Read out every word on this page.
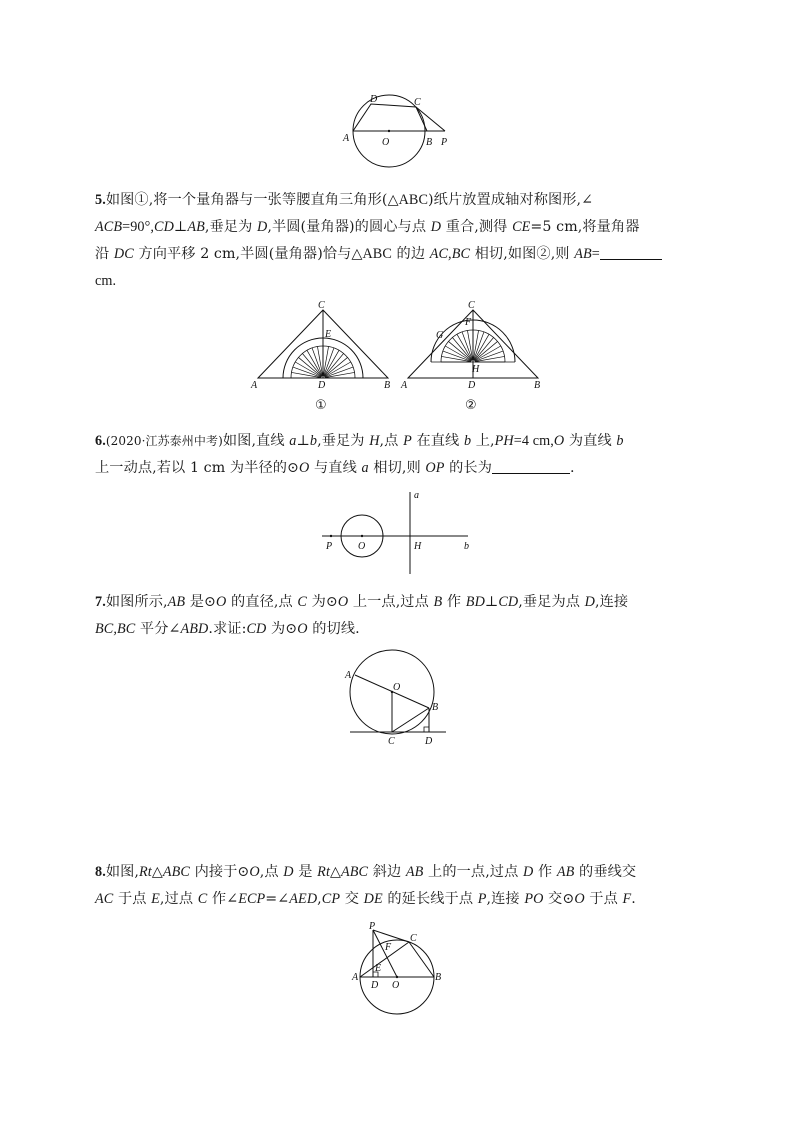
D	C
A	O	B P

5.如图①,将一个量角器与一张等腰直角三角形(△ABC)纸片放置成轴对称图形,∠

ACB=90°,CD⊥AB,垂足为 D,半圆(量角器)的圆心与点 D 重合,测得 CE=5 cm,将量角器

沿 DC 方向平移 2 cm,半圆(量角器)恰与△ABC 的边 AC,BC 相切,如图②,则 AB=

cm.

C
E
A	D	B
①
C
F
G
H
A	D	B
②

6.(2020·江苏泰州中考)如图,直线 a⊥b,垂足为 H,点 P 在直线 b 上,PH=4 cm,O 为直线 b

上一动点,若以 1 cm 为半径的⊙O 与直线 a 相切,则 OP 的长为	.

a
P	O	H	b

7.如图所示,AB 是⊙O 的直径,点 C 为⊙O 上一点,过点 B 作 BD⊥CD,垂足为点 D,连接

BC,BC 平分∠ABD.求证:CD 为⊙O 的切线.

A
O
B
C	D

8.如图,Rt△ABC 内接于⊙O,点 D 是 Rt△ABC 斜边 AB 上的一点,过点 D 作 AB 的垂线交

AC 于点 E,过点 C 作∠ECP=∠AED,CP 交 DE 的延长线于点 P,连接 PO 交⊙O 于点 F.

P
C
F
A
E
D O
B
